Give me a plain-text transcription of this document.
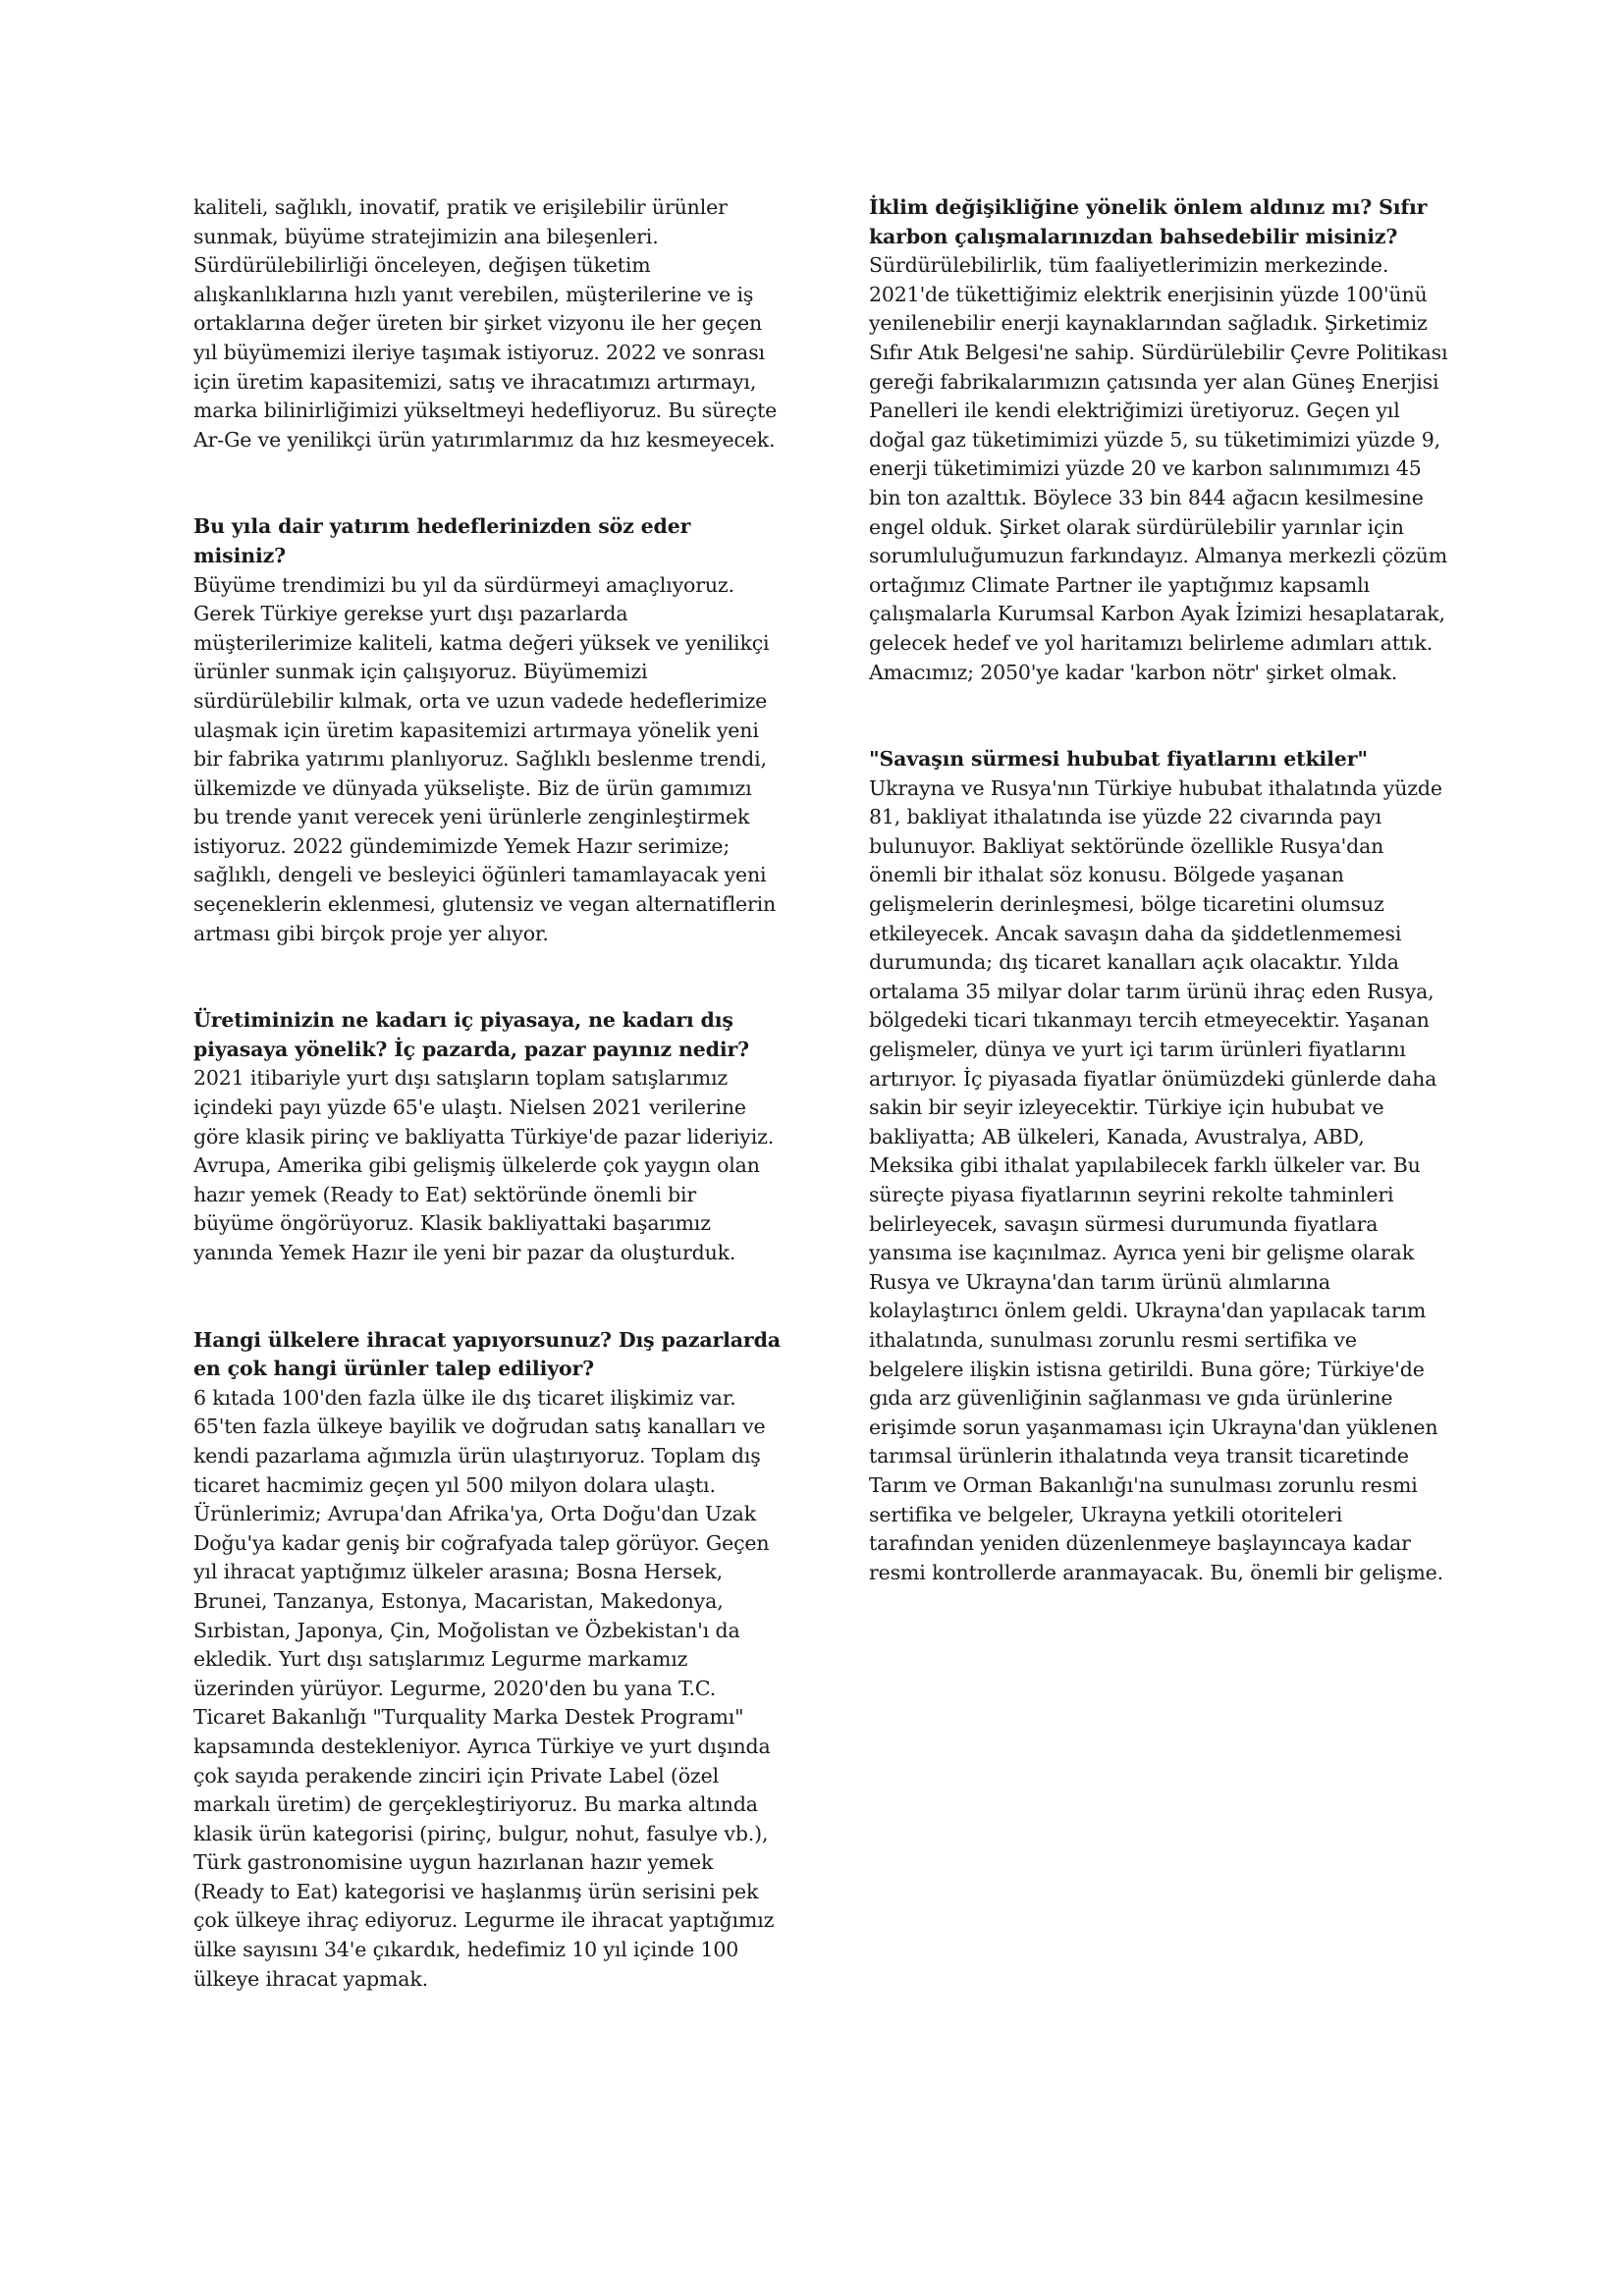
kaliteli, sağlıklı, inovatif, pratik ve erişilebilir ürünler sunmak, büyüme stratejimizin ana bileşenleri. Sürdürülebilirliği önceleyen, değişen tüketim alışkanlıklarına hızlı yanıt verebilen, müşterilerine ve iş ortaklarına değer üreten bir şirket vizyonu ile her geçen yıl büyümemizi ileriye taşımak istiyoruz. 2022 ve sonrası için üretim kapasitemizi, satış ve ihracatımızı artırmayı, marka bilinirliğimizi yükseltmeyi hedefliyoruz. Bu süreçte Ar-Ge ve yenilikçi ürün yatırımlarımız da hız kesmeyecek.

Bu yıla dair yatırım hedeflerinizden söz eder misiniz?

Büyüme trendimizi bu yıl da sürdürmeyi amaçlıyoruz. Gerek Türkiye gerekse yurt dışı pazarlarda müşterilerimize kaliteli, katma değeri yüksek ve yenilikçi ürünler sunmak için çalışıyoruz. Büyümemizi sürdürülebilir kılmak, orta ve uzun vadede hedeflerimize ulaşmak için üretim kapasitemizi artırmaya yönelik yeni bir fabrika yatırımı planlıyoruz. Sağlıklı beslenme trendi, ülkemizde ve dünyada yükselişte. Biz de ürün gamımızı bu trende yanıt verecek yeni ürünlerle zenginleştirmek istiyoruz. 2022 gündemimizde Yemek Hazır serimize; sağlıklı, dengeli ve besleyici öğünleri tamamlayacak yeni seçeneklerin eklenmesi, glutensiz ve vegan alternatiflerin artması gibi birçok proje yer alıyor.

Üretiminizin ne kadarı iç piyasaya, ne kadarı dış piyasaya yönelik? İç pazarda, pazar payınız nedir?

2021 itibariyle yurt dışı satışların toplam satışlarımız içindeki payı yüzde 65'e ulaştı. Nielsen 2021 verilerine göre klasik pirinç ve bakliyatta Türkiye'de pazar lideriyiz. Avrupa, Amerika gibi gelişmiş ülkelerde çok yaygın olan hazır yemek (Ready to Eat) sektöründe önemli bir büyüme öngörüyoruz. Klasik bakliyattaki başarımız yanında Yemek Hazır ile yeni bir pazar da oluşturduk.

Hangi ülkelere ihracat yapıyorsunuz? Dış pazarlarda en çok hangi ürünler talep ediliyor?

6 kıtada 100'den fazla ülke ile dış ticaret ilişkimiz var. 65'ten fazla ülkeye bayilik ve doğrudan satış kanalları ve kendi pazarlama ağımızla ürün ulaştırıyoruz. Toplam dış ticaret hacmimiz geçen yıl 500 milyon dolara ulaştı. Ürünlerimiz; Avrupa'dan Afrika'ya, Orta Doğu'dan Uzak Doğu'ya kadar geniş bir coğrafyada talep görüyor. Geçen yıl ihracat yaptığımız ülkeler arasına; Bosna Hersek, Brunei, Tanzanya, Estonya, Macaristan, Makedonya, Sırbistan, Japonya, Çin, Moğolistan ve Özbekistan'ı da ekledik. Yurt dışı satışlarımız Legurme markamız üzerinden yürüyor. Legurme, 2020'den bu yana T.C. Ticaret Bakanlığı "Turquality Marka Destek Programı" kapsamında destekleniyor. Ayrıca Türkiye ve yurt dışında çok sayıda perakende zinciri için Private Label (özel markalı üretim) de gerçekleştiriyoruz. Bu marka altında klasik ürün kategorisi (pirinç, bulgur, nohut, fasulye vb.), Türk gastronomisine uygun hazırlanan hazır yemek (Ready to Eat) kategorisi ve haşlanmış ürün serisini pek çok ülkeye ihraç ediyoruz. Legurme ile ihracat yaptığımız ülke sayısını 34'e çıkardık, hedefimiz 10 yıl içinde 100 ülkeye ihracat yapmak.

İklim değişikliğine yönelik önlem aldınız mı? Sıfır karbon çalışmalarınızdan bahsedebilir misiniz?

Sürdürülebilirlik, tüm faaliyetlerimizin merkezinde. 2021'de tükettiğimiz elektrik enerjisinin yüzde 100'ünü yenilenebilir enerji kaynaklarından sağladık. Şirketimiz Sıfır Atık Belgesi'ne sahip. Sürdürülebilir Çevre Politikası gereği fabrikalarımızın çatısında yer alan Güneş Enerjisi Panelleri ile kendi elektriğimizi üretiyoruz. Geçen yıl doğal gaz tüketimimizi yüzde 5, su tüketimimizi yüzde 9, enerji tüketimimizi yüzde 20 ve karbon salınımımızı 45 bin ton azalttık. Böylece 33 bin 844 ağacın kesilmesine engel olduk. Şirket olarak sürdürülebilir yarınlar için sorumluluğumuzun farkındayız. Almanya merkezli çözüm ortağımız Climate Partner ile yaptığımız kapsamlı çalışmalarla Kurumsal Karbon Ayak İzimizi hesaplatarak, gelecek hedef ve yol haritamızı belirleme adımları attık. Amacımız; 2050'ye kadar 'karbon nötr' şirket olmak.

"Savaşın sürmesi hububat fiyatlarını etkiler"

Ukrayna ve Rusya'nın Türkiye hububat ithalatında yüzde 81, bakliyat ithalatında ise yüzde 22 civarında payı bulunuyor. Bakliyat sektöründe özellikle Rusya'dan önemli bir ithalat söz konusu. Bölgede yaşanan gelişmelerin derinleşmesi, bölge ticaretini olumsuz etkileyecek. Ancak savaşın daha da şiddetlenmemesi durumunda; dış ticaret kanalları açık olacaktır. Yılda ortalama 35 milyar dolar tarım ürünü ihraç eden Rusya, bölgedeki ticari tıkanmayı tercih etmeyecektir. Yaşanan gelişmeler, dünya ve yurt içi tarım ürünleri fiyatlarını artırıyor. İç piyasada fiyatlar önümüzdeki günlerde daha sakin bir seyir izleyecektir. Türkiye için hububat ve bakliyatta; AB ülkeleri, Kanada, Avustralya, ABD, Meksika gibi ithalat yapılabilecek farklı ülkeler var. Bu süreçte piyasa fiyatlarının seyrini rekolte tahminleri belirleyecek, savaşın sürmesi durumunda fiyatlara yansıma ise kaçınılmaz. Ayrıca yeni bir gelişme olarak Rusya ve Ukrayna'dan tarım ürünü alımlarına kolaylaştırıcı önlem geldi. Ukrayna'dan yapılacak tarım ithalatında, sunulması zorunlu resmi sertifika ve belgelere ilişkin istisna getirildi. Buna göre; Türkiye'de gıda arz güvenliğinin sağlanması ve gıda ürünlerine erişimde sorun yaşanmaması için Ukrayna'dan yüklenen tarımsal ürünlerin ithalatında veya transit ticaretinde Tarım ve Orman Bakanlığı'na sunulması zorunlu resmi sertifika ve belgeler, Ukrayna yetkili otoriteleri tarafından yeniden düzenlenmeye başlayıncaya kadar resmi kontrollerde aranmayacak. Bu, önemli bir gelişme.
